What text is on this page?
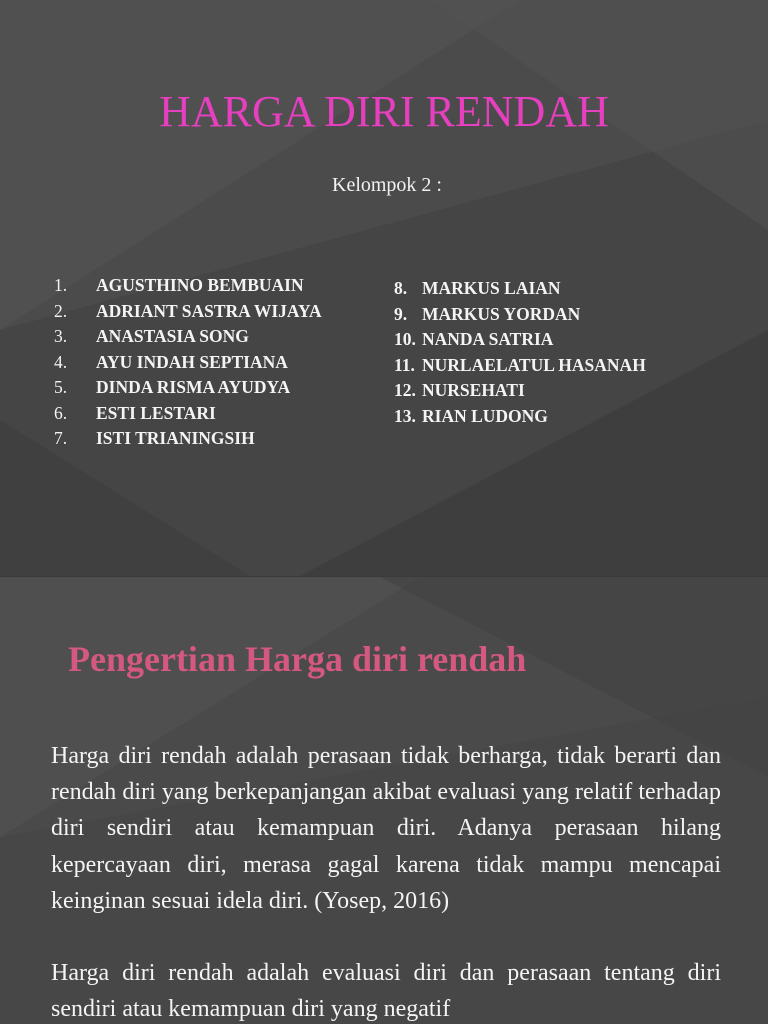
HARGA DIRI RENDAH

Kelompok 2 :

1. AGUSTHINO BEMBUAIN
2. ADRIANT SASTRA WIJAYA
3. ANASTASIA SONG
4. AYU INDAH SEPTIANA
5. DINDA RISMA AYUDYA
6. ESTI LESTARI
7. ISTI TRIANINGSIH
8. MARKUS LAIAN
9. MARKUS YORDAN
10. NANDA SATRIA
11. NURLAELATUL HASANAH
12. NURSEHATI
13. RIAN LUDONG
Pengertian Harga diri rendah

Harga diri rendah adalah perasaan tidak berharga, tidak berarti dan rendah diri yang berkepanjangan akibat evaluasi yang relatif terhadap diri sendiri atau kemampuan diri. Adanya perasaan hilang kepercayaan diri, merasa gagal karena tidak mampu mencapai keinginan sesuai idela diri. (Yosep, 2016)

Harga diri rendah adalah evaluasi diri dan perasaan tentang diri sendiri atau kemampuan diri yang negatif
